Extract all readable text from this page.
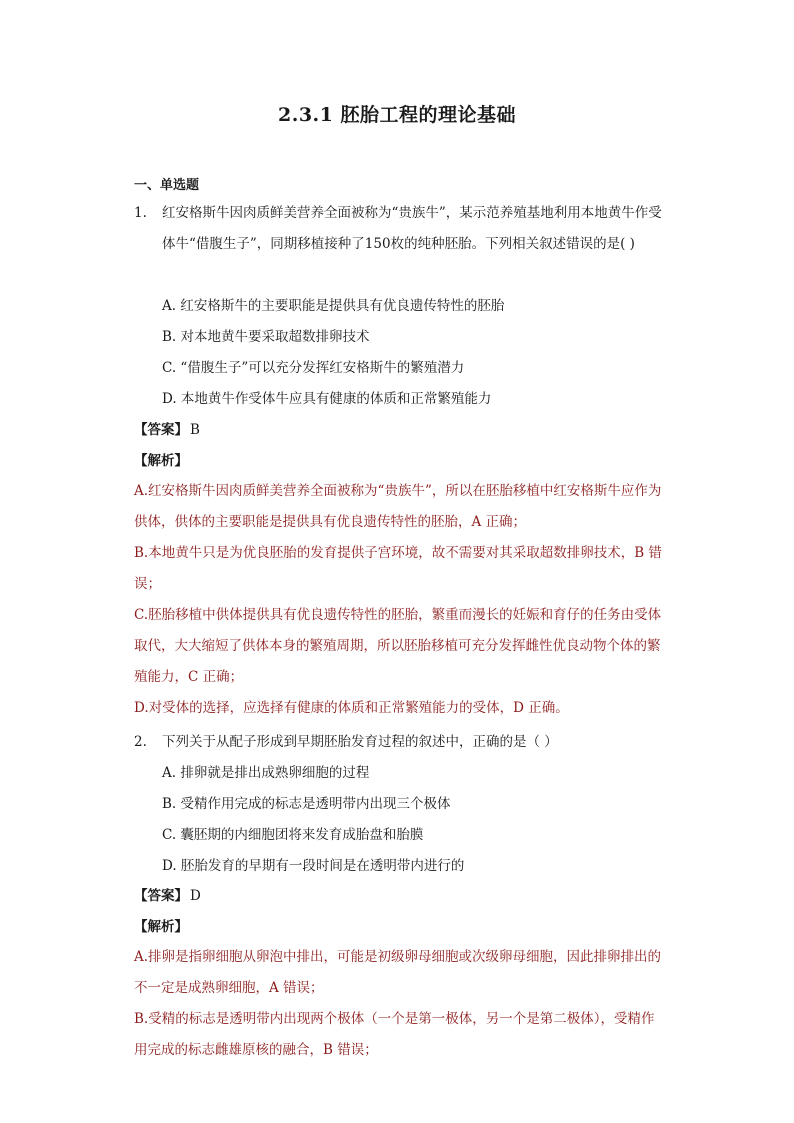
2.3.1 胚胎工程的理论基础
一、单选题
1.	红安格斯牛因肉质鲜美营养全面被称为“贵族牛”，某示范养殖基地利用本地黄牛作受体牛“借腹生子”，同期移植接种了150枚的纯种胚胎。下列相关叙述错误的是( )
A. 红安格斯牛的主要职能是提供具有优良遗传特性的胚胎
B. 对本地黄牛要采取超数排卵技术
C. “借腹生子”可以充分发挥红安格斯牛的繁殖潜力
D. 本地黄牛作受体牛应具有健康的体质和正常繁殖能力
【答案】 B
【解析】

A.红安格斯牛因肉质鲜美营养全面被称为“贵族牛”，所以在胚胎移植中红安格斯牛应作为供体，供体的主要职能是提供具有优良遗传特性的胚胎，A 正确；

B.本地黄牛只是为优良胚胎的发育提供子宫环境，故不需要对其采取超数排卵技术，B 错误；

C.胚胎移植中供体提供具有优良遗传特性的胚胎，繁重而漫长的妊娠和育仔的任务由受体取代，大大缩短了供体本身的繁殖周期，所以胚胎移植可充分发挥雌性优良动物个体的繁殖能力，C 正确；

D.对受体的选择，应选择有健康的体质和正常繁殖能力的受体，D 正确。

2.	下列关于从配子形成到早期胚胎发育过程的叙述中，正确的是（ ）
A. 排卵就是排出成熟卵细胞的过程
B. 受精作用完成的标志是透明带内出现三个极体
C. 囊胚期的内细胞团将来发育成胎盘和胎膜
D. 胚胎发育的早期有一段时间是在透明带内进行的
【答案】 D
【解析】

A.排卵是指卵细胞从卵泡中排出，可能是初级卵母细胞或次级卵母细胞，因此排卵排出的不一定是成熟卵细胞，A 错误；

B.受精的标志是透明带内出现两个极体（一个是第一极体，另一个是第二极体），受精作用完成的标志雌雄原核的融合，B 错误；
